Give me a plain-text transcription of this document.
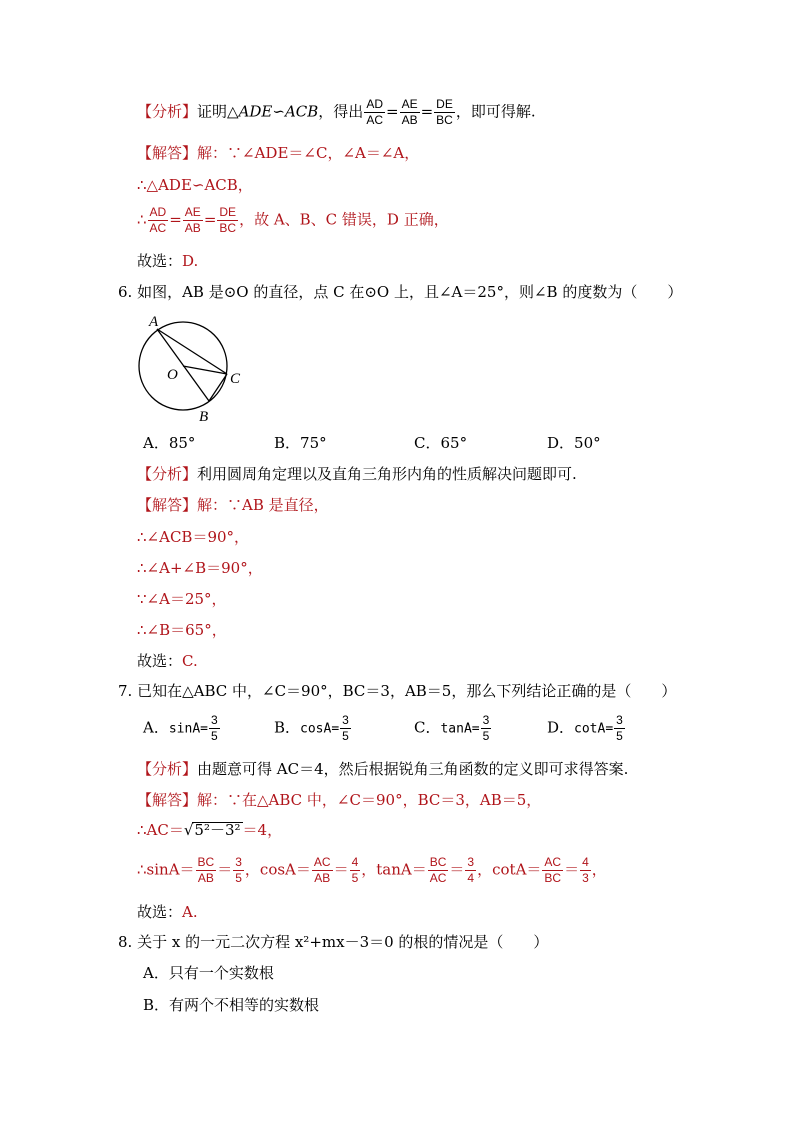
【分析】证明△ADE∽ACB，得出 $\frac{AD}{AC} = \frac{AE}{AB} = \frac{DE}{BC}$ ，即可得解.
【解答】解：∵∠ADE＝∠C，∠A＝∠A，
∴△ADE∽ACB，
∴ $\frac{AD}{AC} = \frac{AE}{AB} = \frac{DE}{BC}$ ，故 A、B、C 错误，D 正确，
故选：D.
6. 如图，AB 是⊙O 的直径，点 C 在⊙O 上，且∠A＝25°，则∠B 的度数为（　　）
A
O	C
B
A．85°	B．75°	C．65°	D．50°
【分析】利用圆周角定理以及直角三角形内角的性质解决问题即可.
【解答】解：∵AB 是直径，
∴∠ACB＝90°，
∴∠A+∠B＝90°，
∵∠A＝25°，
∴∠B＝65°，
故选：C.
7. 已知在△ABC 中，∠C＝90°，BC＝3，AB＝5，那么下列结论正确的是（　　）
A．$\sin A= \frac{3}{5}$	B．$\cos A= \frac{3}{5}$	C．$\tan A= \frac{3}{5}$	D．$\cot A= \frac{3}{5}$
【分析】由题意可得 AC＝4，然后根据锐角三角函数的定义即可求得答案.
【解答】解：∵在△ABC 中，∠C＝90°，BC＝3，AB＝5，
∴AC＝√5²－3² ＝4，
∴sinA＝ $\frac{BC}{AB} = \frac{3}{5}$ ，$\cos A= \frac{AC}{AB} = \frac{4}{5}$ ，$\tan A= \frac{BC}{AC} = \frac{3}{4}$ ，$\cot A= \frac{AC}{BC} = \frac{4}{3}$ ，
故选：A.
8. 关于 x 的一元二次方程 x²+mx－3＝0 的根的情况是（　　）
A．只有一个实数根
B．有两个不相等的实数根
